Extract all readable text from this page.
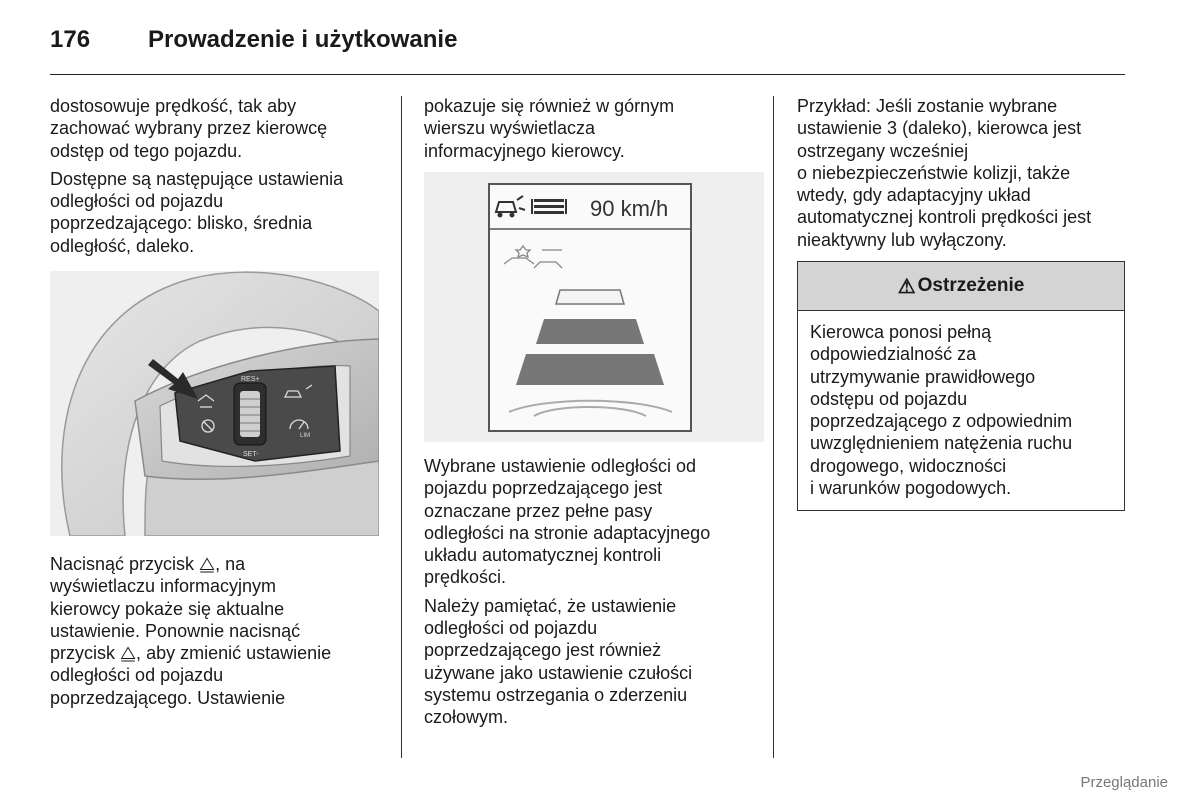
176	Prowadzenie i użytkowanie

dostosowuje prędkość, tak aby
zachować wybrany przez kierowcę
odstęp od tego pojazdu.

Dostępne są następujące ustawienia
odległości od pojazdu
poprzedzającego: blisko, średnia
odległość, daleko.

RES+
SET-
LIM

Nacisnąć przycisk ⧋, na
wyświetlaczu informacyjnym
kierowcy pokaże się aktualne
ustawienie. Ponownie nacisnąć
przycisk ⧋, aby zmienić ustawienie
odległości od pojazdu
poprzedzającego. Ustawienie

pokazuje się również w górnym
wierszu wyświetlacza
informacyjnego kierowcy.

90 km/h

Wybrane ustawienie odległości od
pojazdu poprzedzającego jest
oznaczane przez pełne pasy
odległości na stronie adaptacyjnego
układu automatycznej kontroli
prędkości.

Należy pamiętać, że ustawienie
odległości od pojazdu
poprzedzającego jest również
używane jako ustawienie czułości
systemu ostrzegania o zderzeniu
czołowym.

Przykład: Jeśli zostanie wybrane
ustawienie 3 (daleko), kierowca jest
ostrzegany wcześniej
o niebezpieczeństwie kolizji, także
wtedy, gdy adaptacyjny układ
automatycznej kontroli prędkości jest
nieaktywny lub wyłączony.

⚠ Ostrzeżenie
Kierowca ponosi pełną
odpowiedzialność za
utrzymywanie prawidłowego
odstępu od pojazdu
poprzedzającego z odpowiednim
uwzględnieniem natężenia ruchu
drogowego, widoczności
i warunków pogodowych.
Przeglądanie
